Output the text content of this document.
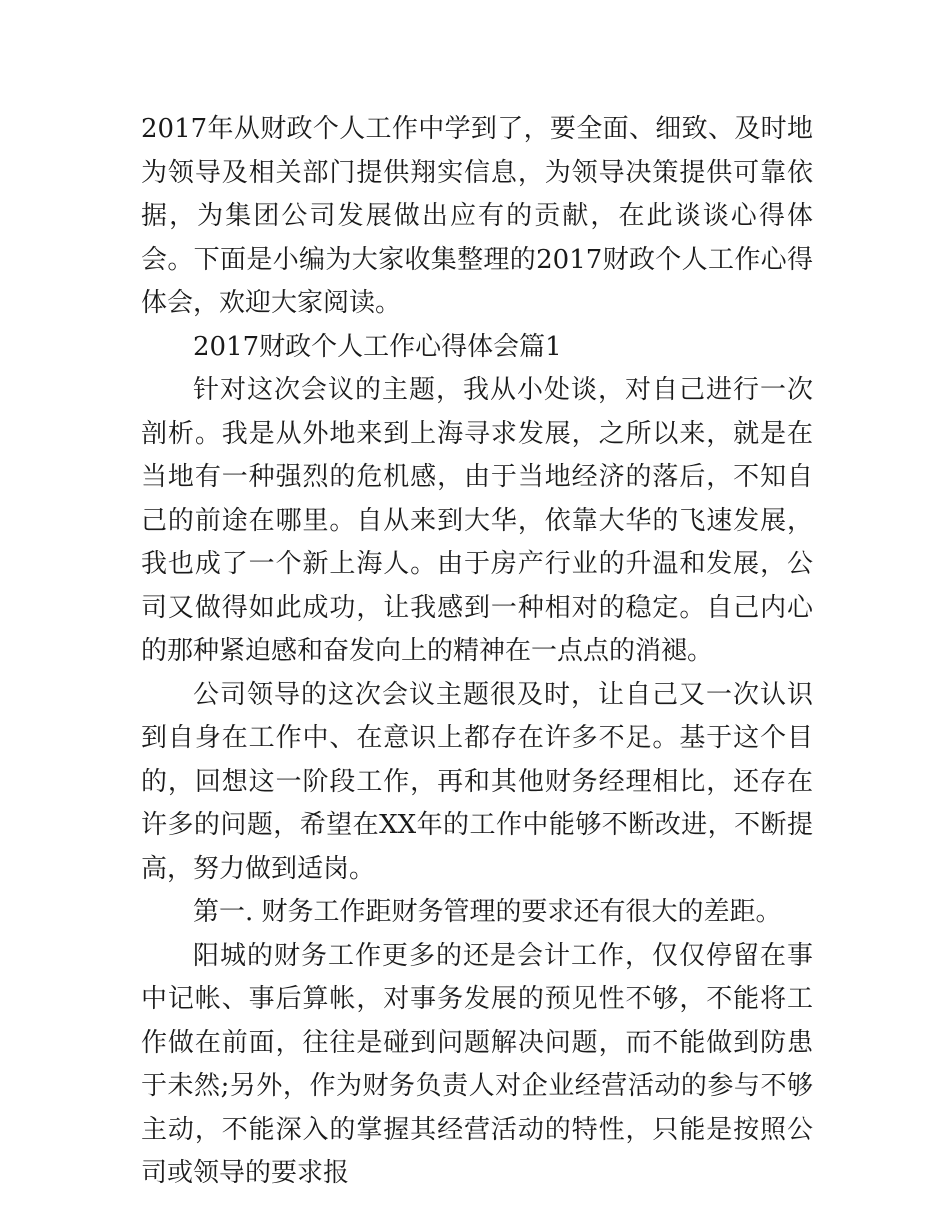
2017年从财政个人工作中学到了，要全面、细致、及时地为领导及相关部门提供翔实信息，为领导决策提供可靠依据，为集团公司发展做出应有的贡献，在此谈谈心得体会。下面是小编为大家收集整理的2017财政个人工作心得体会，欢迎大家阅读。

2017财政个人工作心得体会篇1

针对这次会议的主题，我从小处谈，对自己进行一次剖析。我是从外地来到上海寻求发展，之所以来，就是在当地有一种强烈的危机感，由于当地经济的落后，不知自己的前途在哪里。自从来到大华，依靠大华的飞速发展，我也成了一个新上海人。由于房产行业的升温和发展，公司又做得如此成功，让我感到一种相对的稳定。自己内心的那种紧迫感和奋发向上的精神在一点点的消褪。

公司领导的这次会议主题很及时，让自己又一次认识到自身在工作中、在意识上都存在许多不足。基于这个目的，回想这一阶段工作，再和其他财务经理相比，还存在许多的问题，希望在XX年的工作中能够不断改进，不断提高，努力做到适岗。

第一. 财务工作距财务管理的要求还有很大的差距。

阳城的财务工作更多的还是会计工作，仅仅停留在事中记帐、事后算帐，对事务发展的预见性不够，不能将工作做在前面，往往是碰到问题解决问题，而不能做到防患于未然;另外，作为财务负责人对企业经营活动的参与不够主动，不能深入的掌握其经营活动的特性，只能是按照公司或领导的要求报
